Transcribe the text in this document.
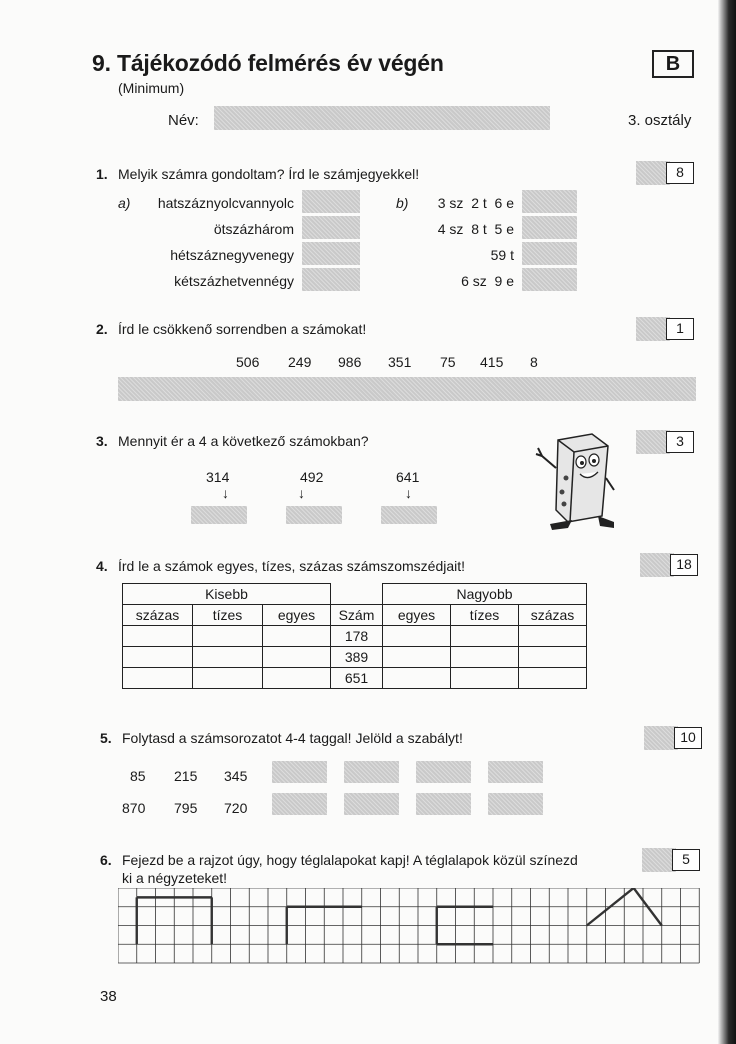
9. Tájékozódó felmérés év végén
(Minimum)
B
Név:	3. osztály
1. Melyik számra gondoltam? Írd le számjegyekkel!	8
a)	hatszáznyolcvannyolc
ötszázhárom
hétszáznegyvenegy
kétszázhetvennégy
b)	3 sz  2 t  6 e
4 sz  8 t  5 e
59 t
6 sz  9 e
2. Írd le csökkenő sorrendben a számokat!	1
506 249 986 351 75 415 8
3. Mennyit ér a 4 a következő számokban?	3
314	492	641
↓	↓	↓
4. Írd le a számok egyes, tízes, százas számszomszédjait!	18
Kisebb				Nagyobb		
százas	tízes	egyes	Szám	egyes	tízes	százas
			178			
			389			
			651			
5. Folytasd a számsorozatot 4-4 taggal! Jelöld a szabályt!	10
85 215 345
870 795 720
6. Fejezd be a rajzot úgy, hogy téglalapokat kapj! A téglalapok közül színezd
ki a négyzeteket!
5
38
